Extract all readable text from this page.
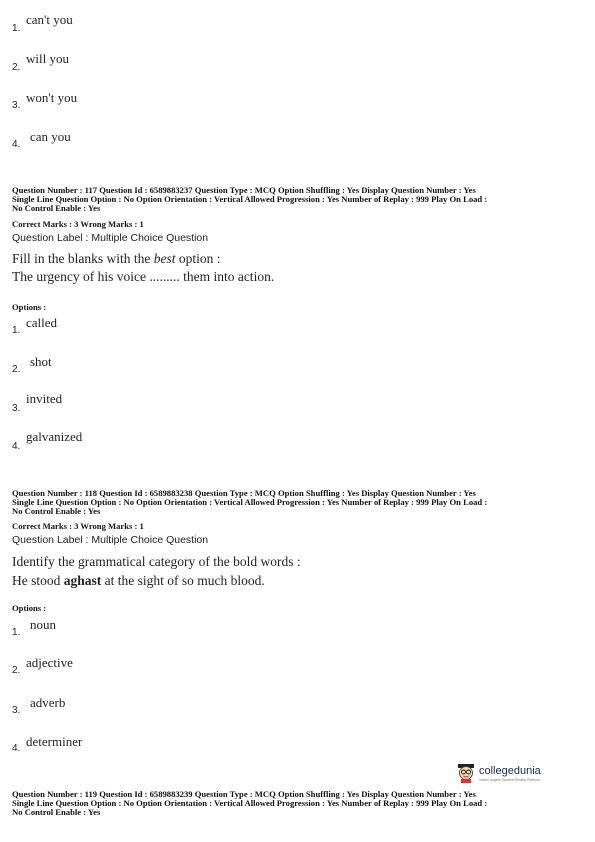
1.
can't you
2.
will you
3.
won't you
4.
can you
Question Number : 117 Question Id : 6589883237 Question Type : MCQ Option Shuffling : Yes Display Question Number : Yes
Single Line Question Option : No Option Orientation : Vertical Allowed Progression : Yes Number of Replay : 999 Play On Load :
No Control Enable : Yes
Correct Marks : 3 Wrong Marks : 1
Question Label : Multiple Choice Question
Fill in the blanks with the best option :
The urgency of his voice ......... them into action.
Options :
1.
called
2.
shot
3.
invited
4.
galvanized
Question Number : 118 Question Id : 6589883238 Question Type : MCQ Option Shuffling : Yes Display Question Number : Yes
Single Line Question Option : No Option Orientation : Vertical Allowed Progression : Yes Number of Replay : 999 Play On Load :
No Control Enable : Yes
Correct Marks : 3 Wrong Marks : 1
Question Label : Multiple Choice Question
Identify the grammatical category of the bold words :
He stood aghast at the sight of so much blood.
Options :
1.
noun
2.
adjective
3.
adverb
4. determiner
collegedunia
India's largest Student Review Platform
Question Number : 119 Question Id : 6589883239 Question Type : MCQ Option Shuffling : Yes Display Question Number : Yes
Single Line Question Option : No Option Orientation : Vertical Allowed Progression : Yes Number of Replay : 999 Play On Load :
No Control Enable : Yes
